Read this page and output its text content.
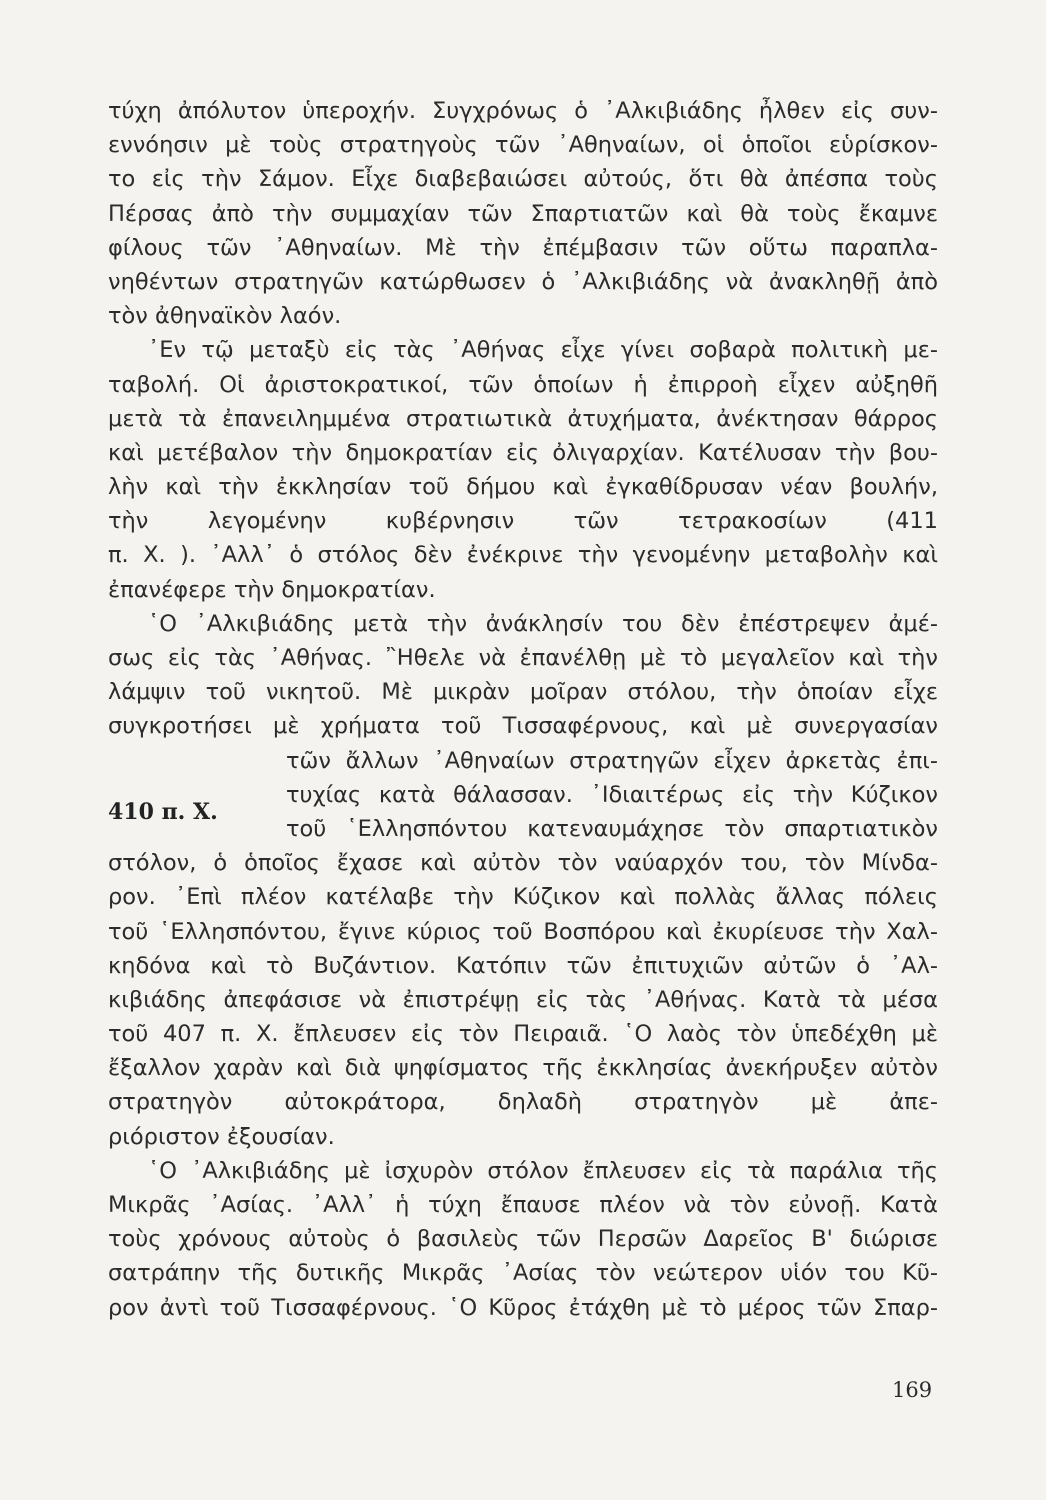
τύχη ἀπόλυτον ὑπεροχήν. Συγχρόνως ὁ ᾿Αλκιβιάδης ἦλθεν εἰς συν-
εννόησιν μὲ τοὺς στρατηγοὺς τῶν ᾿Αθηναίων, οἱ ὁποῖοι εὑρίσκον-
το εἰς τὴν Σάμον. Εἶχε διαβεβαιώσει αὐτούς, ὅτι θὰ ἀπέσπα τοὺς
Πέρσας ἀπὸ τὴν συμμαχίαν τῶν Σπαρτιατῶν καὶ θὰ τοὺς ἔκαμνε
φίλους τῶν ᾿Αθηναίων. Μὲ τὴν ἐπέμβασιν τῶν οὕτω παραπλα-
νηθέντων στρατηγῶν κατώρθωσεν ὁ ᾿Αλκιβιάδης νὰ ἀνακληθῇ ἀπὸ
τὸν ἀθηναϊκὸν λαόν.
᾿Εν τῷ μεταξὺ εἰς τὰς ᾿Αθήνας εἶχε γίνει σοβαρὰ πολιτικὴ με-
ταβολή. Οἱ ἀριστοκρατικοί, τῶν ὁποίων ἡ ἐπιρροὴ εἶχεν αὐξηθῆ
μετὰ τὰ ἐπανειλημμένα στρατιωτικὰ ἀτυχήματα, ἀνέκτησαν θάρρος
καὶ μετέβαλον τὴν δημοκρατίαν εἰς ὀλιγαρχίαν. Κατέλυσαν τὴν βου-
λὴν καὶ τὴν ἐκκλησίαν τοῦ δήμου καὶ ἐγκαθίδρυσαν νέαν βουλήν,
τὴν λεγομένην κυβέρνησιν τῶν τετρακοσίων (411
π. Χ. ). ᾿Αλλ᾿ ὁ στόλος δὲν ἐνέκρινε τὴν γενομένην μεταβολὴν καὶ
ἐπανέφερε τὴν δημοκρατίαν.
῾Ο ᾿Αλκιβιάδης μετὰ τὴν ἀνάκλησίν του δὲν ἐπέστρεψεν ἀμέ-
σως εἰς τὰς ᾿Αθήνας. ῍Ηθελε νὰ ἐπανέλθῃ μὲ τὸ μεγαλεῖον καὶ τὴν
λάμψιν τοῦ νικητοῦ. Μὲ μικρὰν μοῖραν στόλου, τὴν ὁποίαν εἶχε
συγκροτήσει μὲ χρήματα τοῦ Τισσαφέρνους, καὶ μὲ συνεργασίαν
τῶν ἄλλων ᾿Αθηναίων στρατηγῶν εἶχεν ἀρκετὰς ἐπι-
τυχίας κατὰ θάλασσαν. ᾿Ιδιαιτέρως εἰς τὴν Κύζικον
τοῦ ῾Ελλησπόντου κατεναυμάχησε τὸν σπαρτιατικὸν
στόλον, ὁ ὁποῖος ἔχασε καὶ αὐτὸν τὸν ναύαρχόν του, τὸν Μίνδα-
ρον. ᾿Επὶ πλέον κατέλαβε τὴν Κύζικον καὶ πολλὰς ἄλλας πόλεις
τοῦ ῾Ελλησπόντου, ἔγινε κύριος τοῦ Βοσπόρου καὶ ἐκυρίευσε τὴν Χαλ-
κηδόνα καὶ τὸ Βυζάντιον. Κατόπιν τῶν ἐπιτυχιῶν αὐτῶν ὁ ᾿Αλ-
κιβιάδης ἀπεφάσισε νὰ ἐπιστρέψῃ εἰς τὰς ᾿Αθήνας. Κατὰ τὰ μέσα
τοῦ 407 π. Χ. ἔπλευσεν εἰς τὸν Πειραιᾶ. ῾Ο λαὸς τὸν ὑπεδέχθη μὲ
ἔξαλλον χαρὰν καὶ διὰ ψηφίσματος τῆς ἐκκλησίας ἀνεκήρυξεν αὐτὸν
στρατηγὸν αὐτοκράτορα, δηλαδὴ στρατηγὸν μὲ ἀπε-
ριόριστον ἐξουσίαν.
῾Ο ᾿Αλκιβιάδης μὲ ἰσχυρὸν στόλον ἔπλευσεν εἰς τὰ παράλια τῆς
Μικρᾶς ᾿Ασίας. ᾿Αλλ᾿ ἡ τύχη ἔπαυσε πλέον νὰ τὸν εὐνοῇ. Κατὰ
τοὺς χρόνους αὐτοὺς ὁ βασιλεὺς τῶν Περσῶν Δαρεῖος Β' διώρισε
σατράπην τῆς δυτικῆς Μικρᾶς ᾿Ασίας τὸν νεώτερον υἱόν του Κῦ-
ρον ἀντὶ τοῦ Τισσαφέρνους. ῾Ο Κῦρος ἐτάχθη μὲ τὸ μέρος τῶν Σπαρ-
410 π. Χ.
169
